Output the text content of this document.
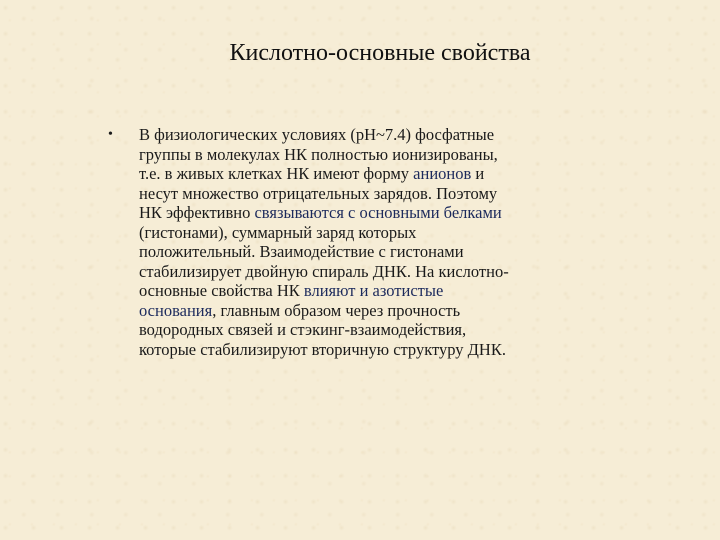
Кислотно-основные свойства
• В физиологических условиях (pH~7.4) фосфатные
группы в молекулах НК полностью ионизированы,
т.е. в живых клетках НК имеют форму анионов и
несут множество отрицательных зарядов. Поэтому
НК эффективно связываются с основными белками
(гистонами), суммарный заряд которых
положительный. Взаимодействие с гистонами
стабилизирует двойную спираль ДНК. На кислотно-
основные свойства НК влияют и азотистые
основания, главным образом через прочность
водородных связей и стэкинг-взаимодействия,
которые стабилизируют вторичную структуру ДНК.
